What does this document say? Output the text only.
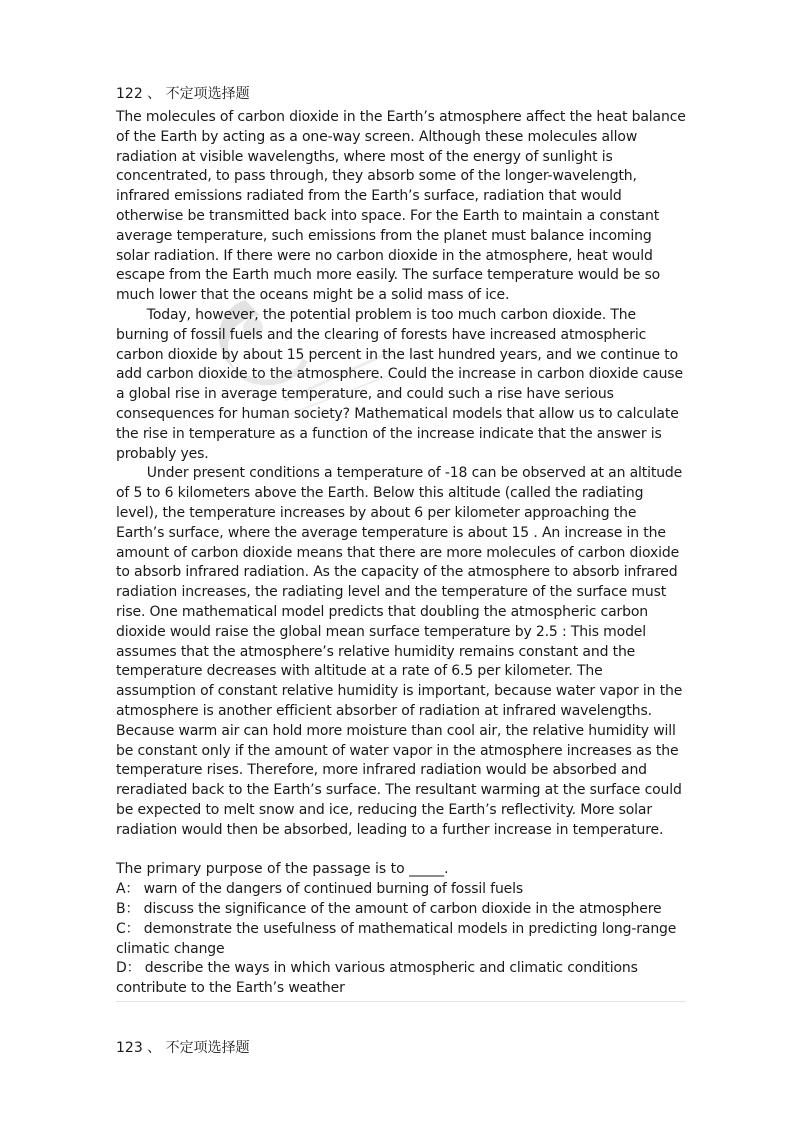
122 、 不定项选择题

The molecules of carbon dioxide in the Earth’s atmosphere affect the heat balance of the Earth by acting as a one-way screen. Although these molecules allow radiation at visible wavelengths, where most of the energy of sunlight is concentrated, to pass through, they absorb some of the longer-wavelength, infrared emissions radiated from the Earth’s surface, radiation that would otherwise be transmitted back into space. For the Earth to maintain a constant average temperature, such emissions from the planet must balance incoming solar radiation. If there were no carbon dioxide in the atmosphere, heat would escape from the Earth much more easily. The surface temperature would be so much lower that the oceans might be a solid mass of ice.

Today, however, the potential problem is too much carbon dioxide. The burning of fossil fuels and the clearing of forests have increased atmospheric carbon dioxide by about 15 percent in the last hundred years, and we continue to add carbon dioxide to the atmosphere. Could the increase in carbon dioxide cause a global rise in average temperature, and could such a rise have serious consequences for human society? Mathematical models that allow us to calculate the rise in temperature as a function of the increase indicate that the answer is probably yes.

Under present conditions a temperature of -18 can be observed at an altitude of 5 to 6 kilometers above the Earth. Below this altitude (called the radiating level), the temperature increases by about 6 per kilometer approaching the Earth’s surface, where the average temperature is about 15 . An increase in the amount of carbon dioxide means that there are more molecules of carbon dioxide to absorb infrared radiation. As the capacity of the atmosphere to absorb infrared radiation increases, the radiating level and the temperature of the surface must rise. One mathematical model predicts that doubling the atmospheric carbon dioxide would raise the global mean surface temperature by 2.5 : This model assumes that the atmosphere’s relative humidity remains constant and the temperature decreases with altitude at a rate of 6.5 per kilometer. The assumption of constant relative humidity is important, because water vapor in the atmosphere is another efficient absorber of radiation at infrared wavelengths. Because warm air can hold more moisture than cool air, the relative humidity will be constant only if the amount of water vapor in the atmosphere increases as the temperature rises. Therefore, more infrared radiation would be absorbed and reradiated back to the Earth’s surface. The resultant warming at the surface could be expected to melt snow and ice, reducing the Earth’s reflectivity. More solar radiation would then be absorbed, leading to a further increase in temperature.

The primary purpose of the passage is to _____.
A： warn of the dangers of continued burning of fossil fuels
B： discuss the significance of the amount of carbon dioxide in the atmosphere
C： demonstrate the usefulness of mathematical models in predicting long-range climatic change
D： describe the ways in which various atmospheric and climatic conditions contribute to the Earth’s weather
123 、 不定项选择题
